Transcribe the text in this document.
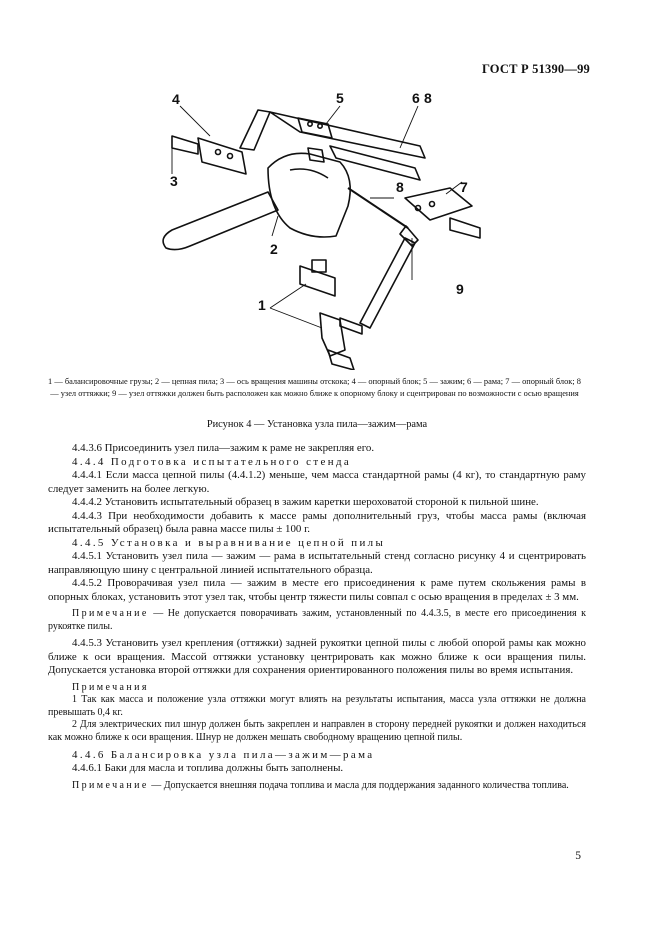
ГОСТ Р 51390—99
4	5	6
3
8
7
2
9
1
8
1 — балансировочные грузы; 2 — цепная пила; 3 — ось вращения машины отскока; 4 — опорный блок; 5 — зажим; 6 — рама; 7 — опорный блок; 8 — узел оттяжки; 9 — узел оттяжки должен быть расположен как можно ближе к опорному блоку и сцентрирован по возможности с осью вращения
Рисунок 4 — Установка узла пила—зажим—рама

4.4.3.6 Присоединить узел пила—зажим к раме не закрепляя его.

4.4.4 Подготовка испытательного стенда

4.4.4.1 Если масса цепной пилы (4.4.1.2) меньше, чем масса стандартной рамы (4 кг), то стандартную раму следует заменить на более легкую.

4.4.4.2 Установить испытательный образец в зажим каретки шероховатой стороной к пильной шине.

4.4.4.3 При необходимости добавить к массе рамы дополнительный груз, чтобы масса рамы (включая испытательный образец) была равна массе пилы ± 100 г.

4.4.5 Установка и выравнивание цепной пилы

4.4.5.1 Установить узел пила — зажим — рама в испытательный стенд согласно рисунку 4 и сцентрировать направляющую шину с центральной линией испытательного образца.

4.4.5.2 Проворачивая узел пила — зажим в месте его присоединения к раме путем скольжения рамы в опорных блоках, установить этот узел так, чтобы центр тяжести пилы совпал с осью вращения в пределах ± 3 мм.

Примечание — Не допускается поворачивать зажим, установленный по 4.4.3.5, в месте его присоединения к рукоятке пилы.

4.4.5.3 Установить узел крепления (оттяжки) задней рукоятки цепной пилы с любой опорой рамы как можно ближе к оси вращения. Массой оттяжки установку центрировать как можно ближе к оси вращения пилы. Допускается установка второй оттяжки для сохранения ориентированного положения пилы во время испытания.

Примечания

1 Так как масса и положение узла оттяжки могут влиять на результаты испытания, масса узла оттяжки не должна превышать 0,4 кг.

2 Для электрических пил шнур должен быть закреплен и направлен в сторону передней рукоятки и должен находиться как можно ближе к оси вращения. Шнур не должен мешать свободному вращению цепной пилы.

4.4.6 Балансировка узла пила—зажим—рама

4.4.6.1 Баки для масла и топлива должны быть заполнены.

Примечание — Допускается внешняя подача топлива и масла для поддержания заданного количества топлива.

5
